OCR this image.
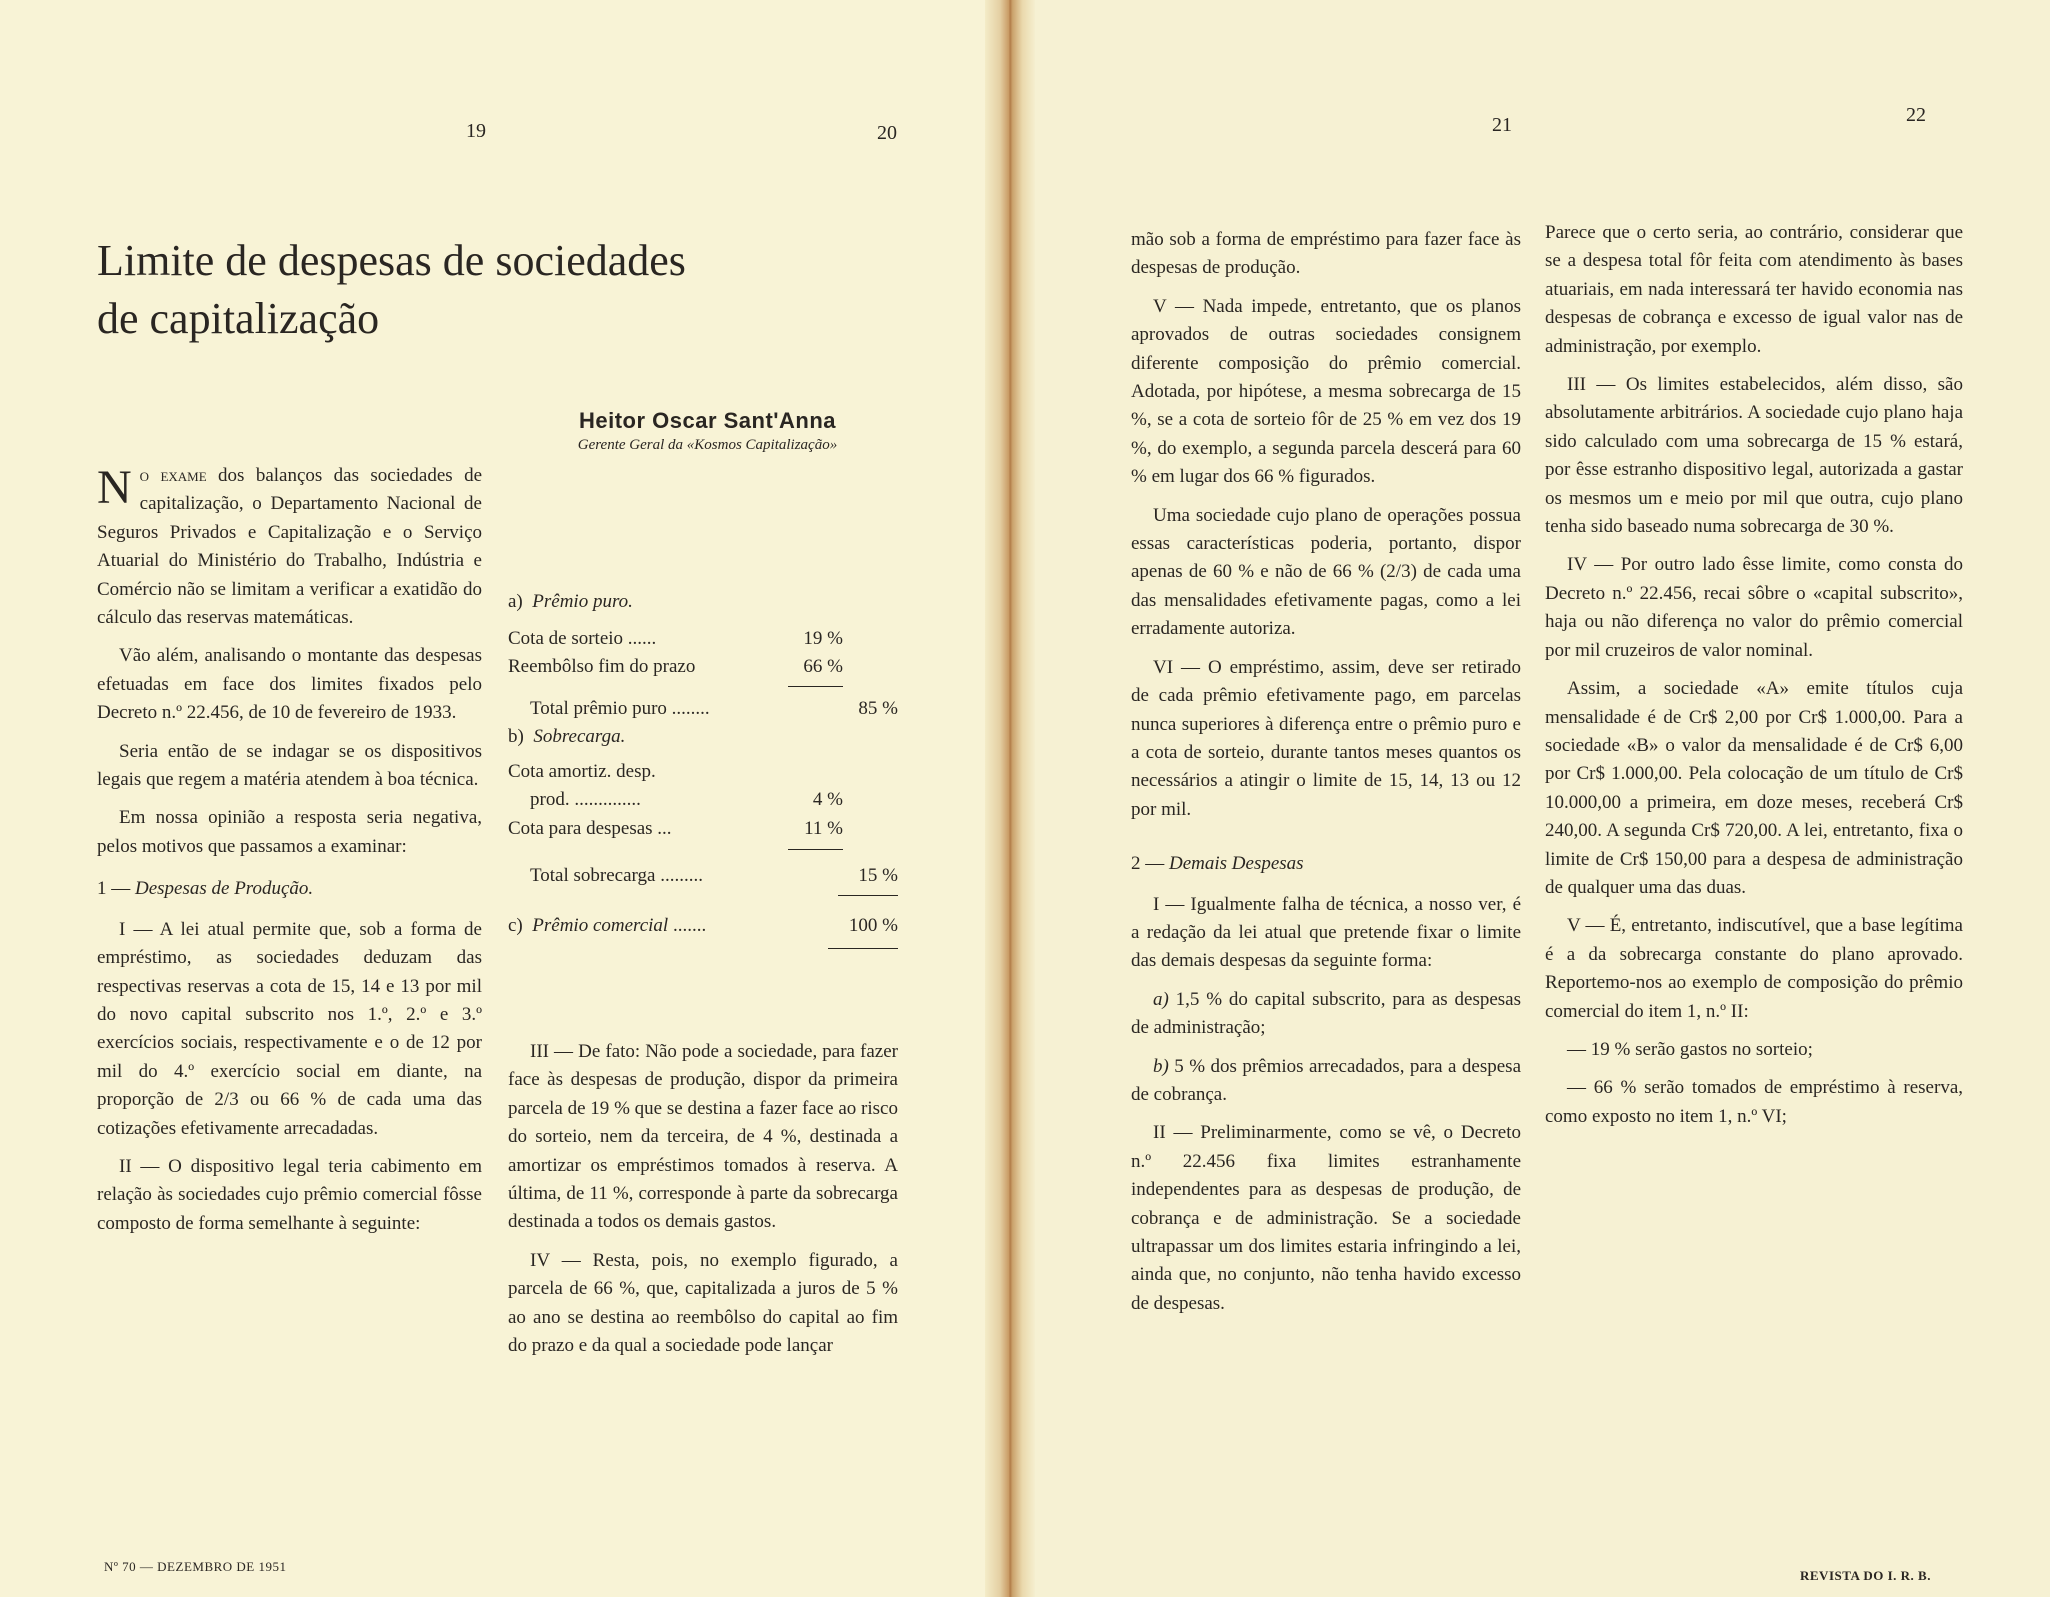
19	20	21	22
Limite de despesas de sociedades
de capitalização
Heitor Oscar Sant'Anna
Gerente Geral da «Kosmos Capitalização»

No exame dos balanços das sociedades de capitalização, o Departamento Nacional de Seguros Privados e Capitalização e o Serviço Atuarial do Ministério do Trabalho, Indústria e Comércio não se limitam a verificar a exatidão do cálculo das reservas matemáticas.

Vão além, analisando o montante das despesas efetuadas em face dos limites fixados pelo Decreto n.º 22.456, de 10 de fevereiro de 1933.

Seria então de se indagar se os dispositivos legais que regem a matéria atendem à boa técnica.

Em nossa opinião a resposta seria negativa, pelos motivos que passamos a examinar:

1 — Despesas de Produção.

I — A lei atual permite que, sob a forma de empréstimo, as sociedades deduzam das respectivas reservas a cota de 15, 14 e 13 por mil do novo capital subscrito nos 1.º, 2.º e 3.º exercícios sociais, respectivamente e o de 12 por mil do 4.º exercício social em diante, na proporção de 2/3 ou 66 % de cada uma das cotizações efetivamente arrecadadas.

II — O dispositivo legal teria cabimento em relação às sociedades cujo prêmio comercial fôsse composto de forma semelhante à seguinte:

a) Prêmio puro.
Cota de sorteio ......	19 %
Reembôlso fim do prazo	66 %
Total prêmio puro ........	85 %
b) Sobrecarga.
Cota amortiz. desp.
prod. ..............	4 %
Cota para despesas ...	11 %
Total sobrecarga .........	15 %
c) Prêmio comercial .......	100 %

III — De fato: Não pode a sociedade, para fazer face às despesas de produção, dispor da primeira parcela de 19 % que se destina a fazer face ao risco do sorteio, nem da terceira, de 4 %, destinada a amortizar os empréstimos tomados à reserva. A última, de 11 %, corresponde à parte da sobrecarga destinada a todos os demais gastos.

IV — Resta, pois, no exemplo figurado, a parcela de 66 %, que, capitalizada a juros de 5 % ao ano se destina ao reembôlso do capital ao fim do prazo e da qual a sociedade pode lançar

mão sob a forma de empréstimo para fazer face às despesas de produção.

V — Nada impede, entretanto, que os planos aprovados de outras sociedades consignem diferente composição do prêmio comercial. Adotada, por hipótese, a mesma sobrecarga de 15 %, se a cota de sorteio fôr de 25 % em vez dos 19 %, do exemplo, a segunda parcela descerá para 60 % em lugar dos 66 % figurados.

Uma sociedade cujo plano de operações possua essas características poderia, portanto, dispor apenas de 60 % e não de 66 % (2/3) de cada uma das mensalidades efetivamente pagas, como a lei erradamente autoriza.

VI — O empréstimo, assim, deve ser retirado de cada prêmio efetivamente pago, em parcelas nunca superiores à diferença entre o prêmio puro e a cota de sorteio, durante tantos meses quantos os necessários a atingir o limite de 15, 14, 13 ou 12 por mil.

2 — Demais Despesas

I — Igualmente falha de técnica, a nosso ver, é a redação da lei atual que pretende fixar o limite das demais despesas da seguinte forma:

a) 1,5 % do capital subscrito, para as despesas de administração;

b) 5 % dos prêmios arrecadados, para a despesa de cobrança.

II — Preliminarmente, como se vê, o Decreto n.º 22.456 fixa limites estranhamente independentes para as despesas de produção, de cobrança e de administração. Se a sociedade ultrapassar um dos limites estaria infringindo a lei, ainda que, no conjunto, não tenha havido excesso de despesas.

Parece que o certo seria, ao contrário, considerar que se a despesa total fôr feita com atendimento às bases atuariais, em nada interessará ter havido economia nas despesas de cobrança e excesso de igual valor nas de administração, por exemplo.

III — Os limites estabelecidos, além disso, são absolutamente arbitrários. A sociedade cujo plano haja sido calculado com uma sobrecarga de 15 % estará, por êsse estranho dispositivo legal, autorizada a gastar os mesmos um e meio por mil que outra, cujo plano tenha sido baseado numa sobrecarga de 30 %.

IV — Por outro lado êsse limite, como consta do Decreto n.º 22.456, recai sôbre o «capital subscrito», haja ou não diferença no valor do prêmio comercial por mil cruzeiros de valor nominal.

Assim, a sociedade «A» emite títulos cuja mensalidade é de Cr$ 2,00 por Cr$ 1.000,00. Para a sociedade «B» o valor da mensalidade é de Cr$ 6,00 por Cr$ 1.000,00. Pela colocação de um título de Cr$ 10.000,00 a primeira, em doze meses, receberá Cr$ 240,00. A segunda Cr$ 720,00. A lei, entretanto, fixa o limite de Cr$ 150,00 para a despesa de administração de qualquer uma das duas.

V — É, entretanto, indiscutível, que a base legítima é a da sobrecarga constante do plano aprovado. Reportemo-nos ao exemplo de composição do prêmio comercial do item 1, n.º II:

— 19 % serão gastos no sorteio;

— 66 % serão tomados de empréstimo à reserva, como exposto no item 1, n.º VI;

Nº 70 — DEZEMBRO DE 1951
REVISTA DO I. R. B.
